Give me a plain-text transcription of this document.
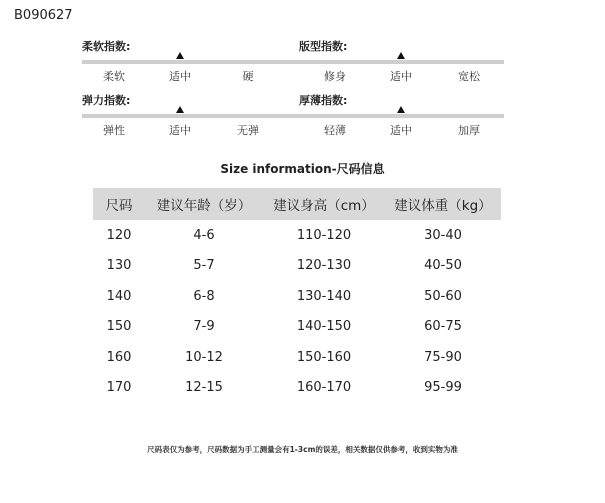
B090627
柔软指数:
柔软	适中	硬
版型指数:
修身	适中	宽松
弹力指数:
弹性	适中	无弹
厚薄指数:
轻薄	适中	加厚
Size information-尺码信息
尺码	建议年龄（岁）	建议身高（cm）	建议体重（kg）
120	4-6	110-120	30-40
130	5-7	120-130	40-50
140	6-8	130-140	50-60
150	7-9	140-150	60-75
160	10-12	150-160	75-90
170	12-15	160-170	95-99
尺码表仅为参考，尺码数据为手工测量会有1-3cm的误差，相关数据仅供参考，收到实物为准
